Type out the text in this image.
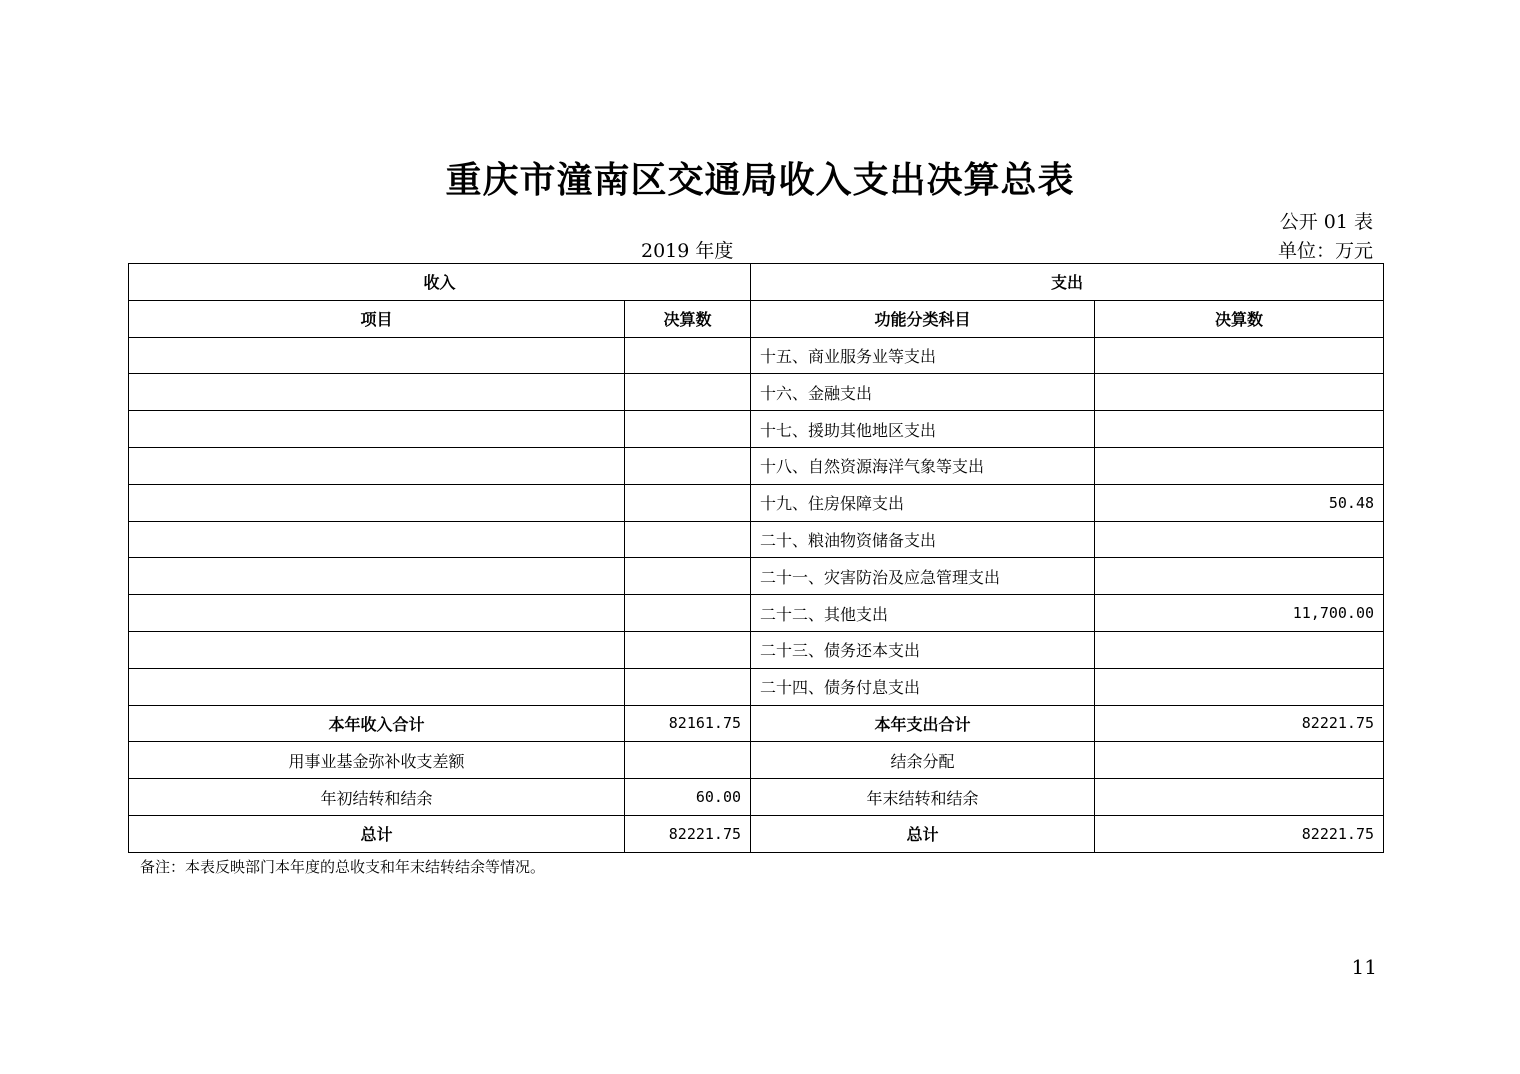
重庆市潼南区交通局收入支出决算总表
公开 01 表
2019 年度	单位：万元
收入		支出	
项目	决算数	功能分类科目	决算数
		十五、商业服务业等支出	
		十六、金融支出	
		十七、援助其他地区支出	
		十八、自然资源海洋气象等支出	
		十九、住房保障支出	50.48
		二十、粮油物资储备支出	
		二十一、灾害防治及应急管理支出	
		二十二、其他支出	11,700.00
		二十三、债务还本支出	
		二十四、债务付息支出	
本年收入合计	82161.75	本年支出合计	82221.75
用事业基金弥补收支差额		结余分配	
年初结转和结余	60.00	年末结转和结余	
总计	82221.75	总计	82221.75
备注：本表反映部门本年度的总收支和年末结转结余等情况。
11
